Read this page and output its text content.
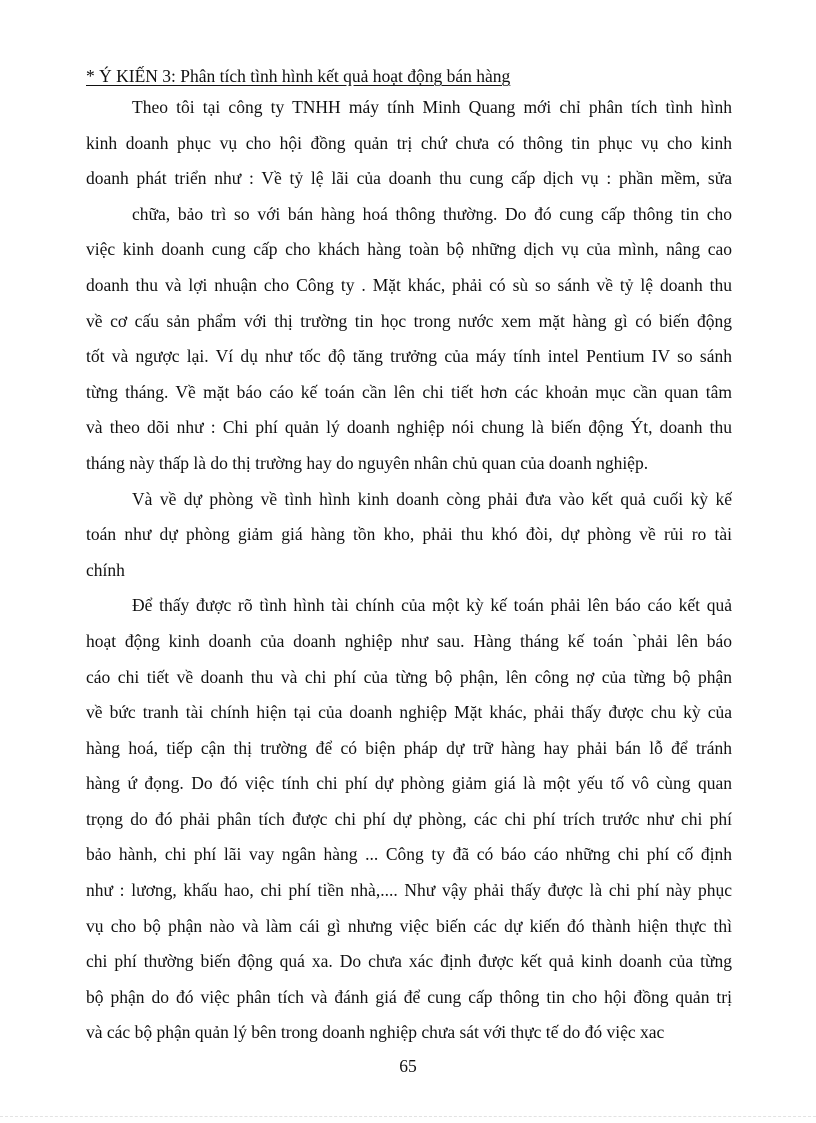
* Ý KIẾN 3: Phân tích tình hình kết quả hoạt động bán hàng
Theo tôi tại công ty TNHH máy tính Minh Quang mới chỉ phân tích tình hình
kinh doanh phục vụ cho hội đồng quản trị chứ chưa có thông tin phục vụ cho kinh
doanh phát triển như : Về tỷ lệ lãi của doanh thu cung cấp dịch vụ : phần mềm, sửa
chữa, bảo trì so với bán hàng hoá thông thường. Do đó cung cấp thông tin cho
việc kinh doanh cung cấp cho khách hàng toàn bộ những dịch vụ của mình, nâng cao
doanh thu và lợi nhuận cho Công ty . Mặt khác, phải có sù so sánh về tỷ lệ doanh thu
về cơ cấu sản phẩm với thị trường tin học trong nước xem mặt hàng gì có biến động
tốt và ngược lại. Ví dụ như tốc độ tăng trưởng của máy tính intel Pentium IV so sánh
từng tháng. Về mặt báo cáo kế toán cần lên chi tiết hơn các khoản mục cần quan tâm
và theo dõi như : Chi phí quản lý doanh nghiệp nói chung là biến động Ýt, doanh thu
tháng này thấp là do thị trường hay do nguyên nhân chủ quan của doanh nghiệp.
Và về dự phòng về tình hình kinh doanh còng phải đưa vào kết quả cuối kỳ kế
toán như dự phòng giảm giá hàng tồn kho, phải thu khó đòi, dự phòng về rủi ro tài
chính
Để thấy được rõ tình hình tài chính của một kỳ kế toán phải lên báo cáo kết quả
hoạt động kinh doanh của doanh nghiệp như sau. Hàng tháng kế toán `phải lên báo
cáo chi tiết về doanh thu và chi phí của từng bộ phận, lên công nợ của từng bộ phận
về bức tranh tài chính hiện tại của doanh nghiệp Mặt khác, phải thấy được chu kỳ của
hàng hoá, tiếp cận thị trường để có biện pháp dự trữ hàng hay phải bán lỗ để tránh
hàng ứ đọng. Do đó việc tính chi phí dự phòng giảm giá là một yếu tố vô cùng quan
trọng do đó phải phân tích được chi phí dự phòng, các chi phí trích trước như chi phí
bảo hành, chi phí lãi vay ngân hàng ... Công ty đã có báo cáo những chi phí cố định
như : lương, khấu hao, chi phí tiền nhà,.... Như vậy phải thấy được là chi phí này phục
vụ cho bộ phận nào và làm cái gì nhưng việc biến các dự kiến đó thành hiện thực thì
chi phí thường biến động quá xa. Do chưa xác định được kết quả kinh doanh của từng
bộ phận do đó việc phân tích và đánh giá để cung cấp thông tin cho hội đồng quản trị
và các bộ phận quản lý bên trong doanh nghiệp chưa sát với thực tế do đó việc xac
65
